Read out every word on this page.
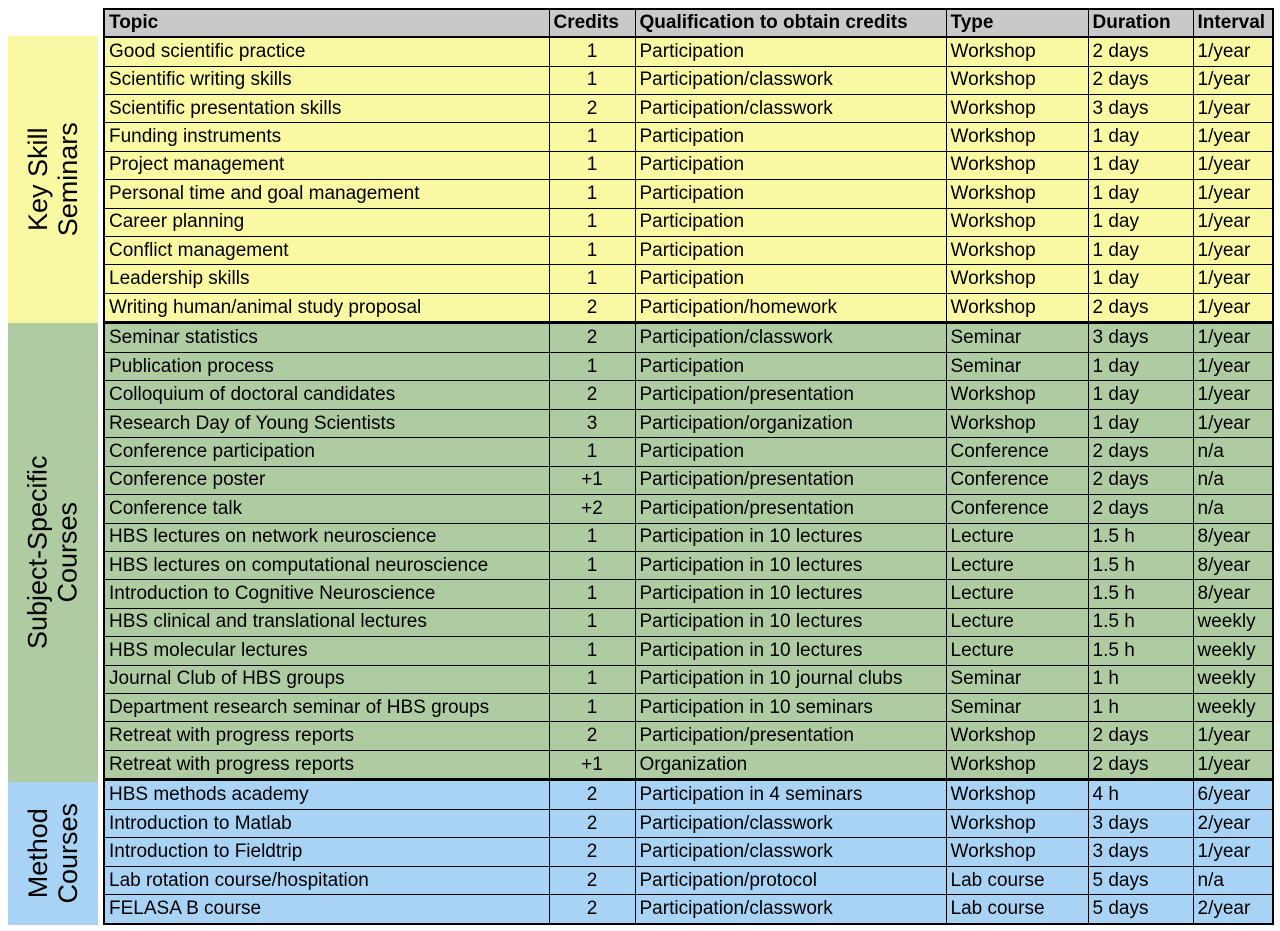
Key Skill Seminars
Subject-Specific Courses
Method Courses
Topic	Credits	Qualification to obtain credits	Type	Duration	Interval
Good scientific practice	1	Participation	Workshop	2 days	1/year
Scientific writing skills	1	Participation/classwork	Workshop	2 days	1/year
Scientific presentation skills	2	Participation/classwork	Workshop	3 days	1/year
Funding instruments	1	Participation	Workshop	1 day	1/year
Project management	1	Participation	Workshop	1 day	1/year
Personal time and goal management	1	Participation	Workshop	1 day	1/year
Career planning	1	Participation	Workshop	1 day	1/year
Conflict management	1	Participation	Workshop	1 day	1/year
Leadership skills	1	Participation	Workshop	1 day	1/year
Writing human/animal study proposal	2	Participation/homework	Workshop	2 days	1/year
Seminar statistics	2	Participation/classwork	Seminar	3 days	1/year
Publication process	1	Participation	Seminar	1 day	1/year
Colloquium of doctoral candidates	2	Participation/presentation	Workshop	1 day	1/year
Research Day of Young Scientists	3	Participation/organization	Workshop	1 day	1/year
Conference participation	1	Participation	Conference	2 days	n/a
Conference poster	+1	Participation/presentation	Conference	2 days	n/a
Conference talk	+2	Participation/presentation	Conference	2 days	n/a
HBS lectures on network neuroscience	1	Participation in 10 lectures	Lecture	1.5 h	8/year
HBS lectures on computational neuroscience	1	Participation in 10 lectures	Lecture	1.5 h	8/year
Introduction to Cognitive Neuroscience	1	Participation in 10 lectures	Lecture	1.5 h	8/year
HBS clinical and translational lectures	1	Participation in 10 lectures	Lecture	1.5 h	weekly
HBS molecular lectures	1	Participation in 10 lectures	Lecture	1.5 h	weekly
Journal Club of HBS groups	1	Participation in 10 journal clubs	Seminar	1 h	weekly
Department research seminar of HBS groups	1	Participation in 10 seminars	Seminar	1 h	weekly
Retreat with progress reports	2	Participation/presentation	Workshop	2 days	1/year
Retreat with progress reports	+1	Organization	Workshop	2 days	1/year
HBS methods academy	2	Participation in 4 seminars	Workshop	4 h	6/year
Introduction to Matlab	2	Participation/classwork	Workshop	3 days	2/year
Introduction to Fieldtrip	2	Participation/classwork	Workshop	3 days	1/year
Lab rotation course/hospitation	2	Participation/protocol	Lab course	5 days	n/a
FELASA B course	2	Participation/classwork	Lab course	5 days	2/year
